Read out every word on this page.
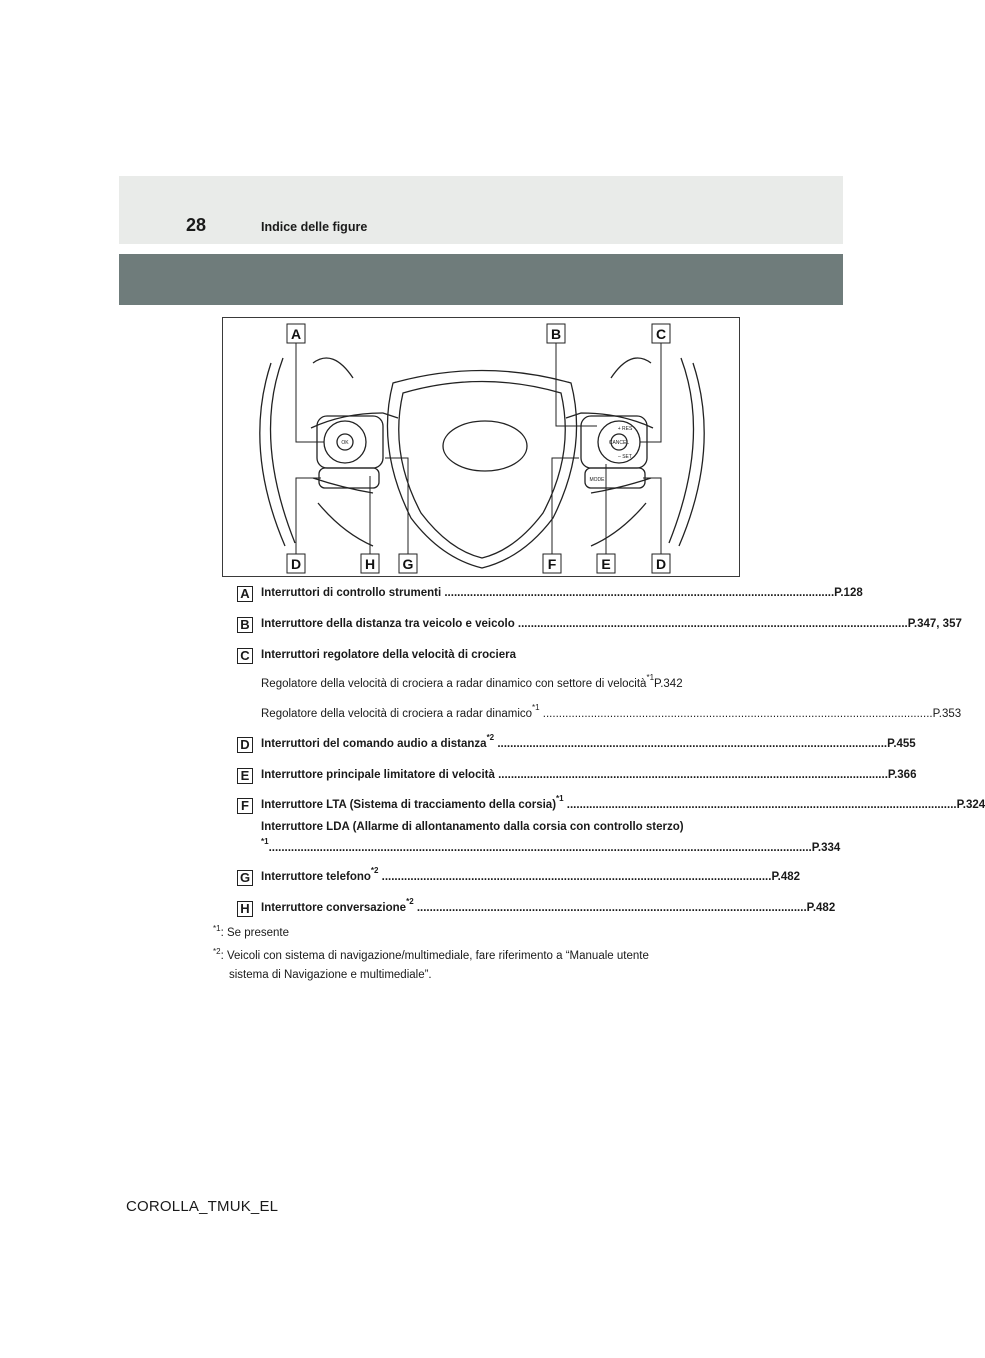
28	Indice delle figure
OK
+ RES
– SET
CANCEL
MODE
A	B	C
D	H G	F	E	D
A Interruttori di controllo strumenti .......................................................................................................................... P.128
B Interruttore della distanza tra veicolo e veicolo .......................................................................................................................... P.347, 357
C Interruttori regolatore della velocità di crociera
Regolatore della velocità di crociera a radar dinamico con settore di velocità
*1
P.342
Regolatore della velocità di crociera a radar dinamico
*1
.......................................................................................................................... P.353
D Interruttori del comando audio a distanza
*2
.......................................................................................................................... P.455
E	Interruttore principale limitatore di velocità .......................................................................................................................... P.366
F	Interruttore LTA (Sistema di tracciamento della corsia)
*1
.......................................................................................................................... P.324
Interruttore LDA (Allarme di allontanamento dalla corsia con controllo sterzo)
*1
.......................................................................................................................................................................... P.334
G Interruttore telefono
*2
.......................................................................................................................... P.482
H Interruttore conversazione
*2
.......................................................................................................................... P.482
$^{*1}$: Se presente
$^{*2}$: Veicoli con sistema di navigazione/multimediale, fare riferimento a “Manuale utente
sistema di Navigazione e multimediale”.
COROLLA_TMUK_EL
